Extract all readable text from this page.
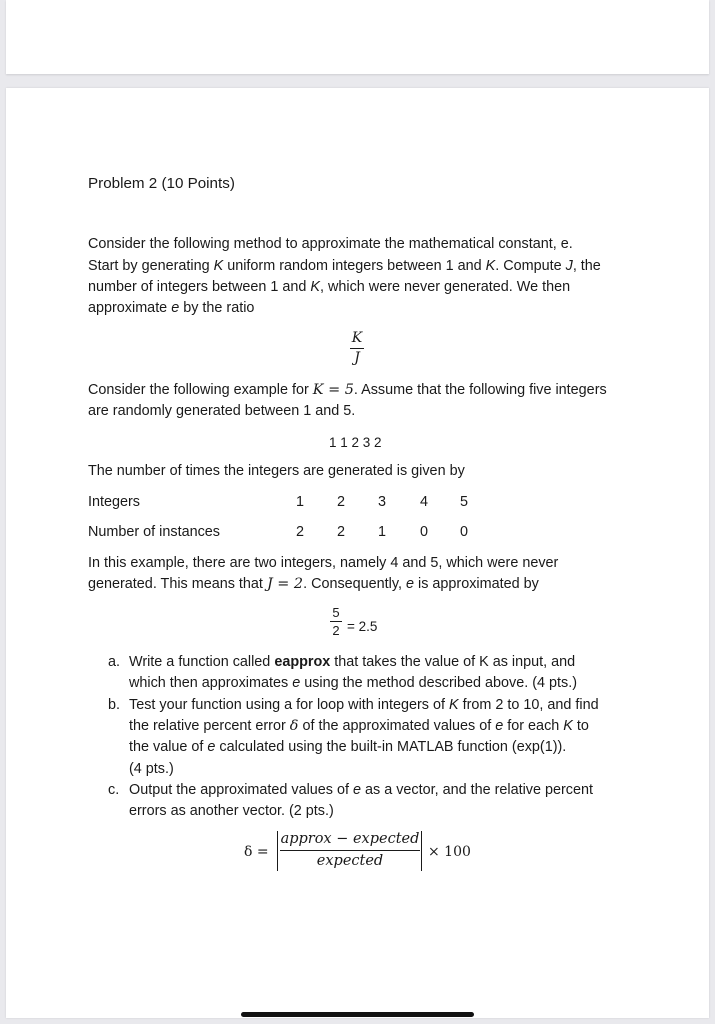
Problem 2 (10 Points)
Consider the following method to approximate the mathematical constant, e.
Start by generating K uniform random integers between 1 and K. Compute J, the
number of integers between 1 and K, which were never generated. We then
approximate e by the ratio
K
J
Consider the following example for K = 5. Assume that the following five integers
are randomly generated between 1 and 5.
1 1 2 3 2
The number of times the integers are generated is given by
Integers	1 2 3 4 5
Number of instances	2 2 1 0 0
In this example, there are two integers, namely 4 and 5, which were never
generated. This means that J = 2. Consequently, e is approximated by
5
2 = 2.5
a. Write a function called eapprox that takes the value of K as input, and
which then approximates e using the method described above. (4 pts.)
b. Test your function using a for loop with integers of K from 2 to 10, and find
the relative percent error δ of the approximated values of e for each K to
the value of e calculated using the built-in MATLAB function (exp(1)).
(4 pts.)
c. Output the approximated values of e as a vector, and the relative percent
errors as another vector. (2 pts.)
δ =
approx − expected
expected
× 100
